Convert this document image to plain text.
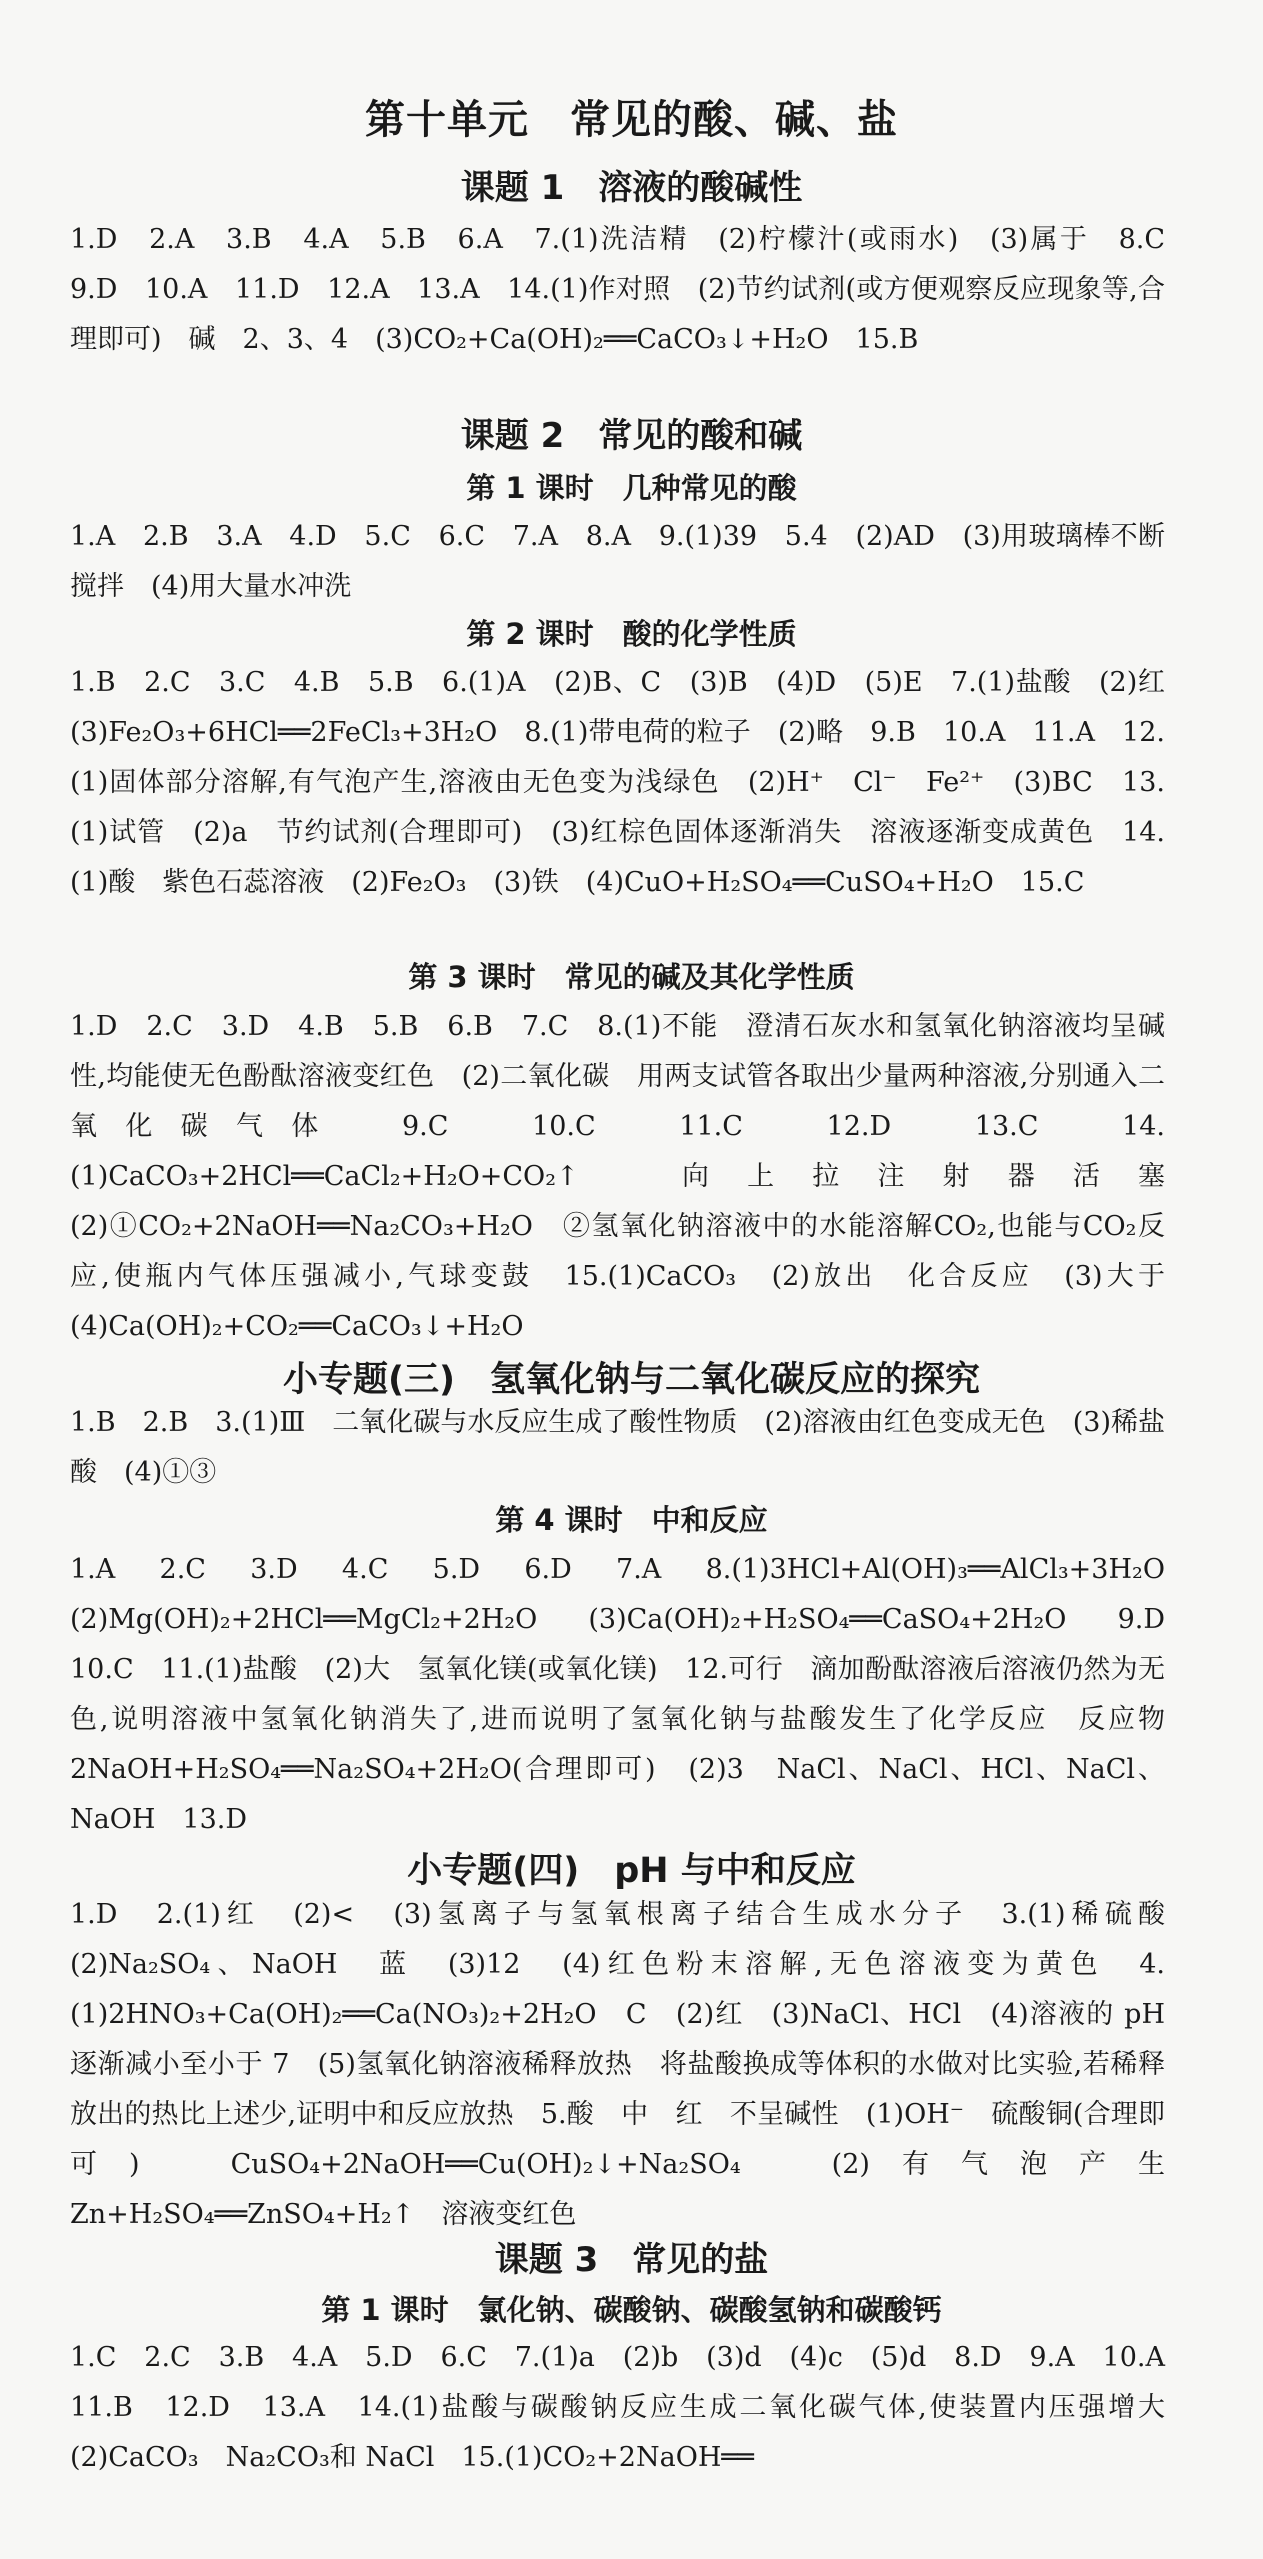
第十单元　常见的酸、碱、盐
课题 1　溶液的酸碱性
1.D　2.A　3.B　4.A　5.B　6.A　7.(1)洗洁精　(2)柠檬汁(或雨水)　(3)属于　8.C　9.D　10.A　11.D　12.A　13.A　14.(1)作对照　(2)节约试剂(或方便观察反应现象等,合理即可)　碱　2、3、4　(3)CO₂+Ca(OH)₂══CaCO₃↓+H₂O　15.B
课题 2　常见的酸和碱
第 1 课时　几种常见的酸
1.A　2.B　3.A　4.D　5.C　6.C　7.A　8.A　9.(1)39　5.4　(2)AD　(3)用玻璃棒不断搅拌　(4)用大量水冲洗
第 2 课时　酸的化学性质
1.B　2.C　3.C　4.B　5.B　6.(1)A　(2)B、C　(3)B　(4)D　(5)E　7.(1)盐酸　(2)红　(3)Fe₂O₃+6HCl══2FeCl₃+3H₂O　8.(1)带电荷的粒子　(2)略　9.B　10.A　11.A　12.(1)固体部分溶解,有气泡产生,溶液由无色变为浅绿色　(2)H⁺　Cl⁻　Fe²⁺　(3)BC　13.(1)试管　(2)a　节约试剂(合理即可)　(3)红棕色固体逐渐消失　溶液逐渐变成黄色　14.(1)酸　紫色石蕊溶液　(2)Fe₂O₃　(3)铁　(4)CuO+H₂SO₄══CuSO₄+H₂O　15.C
第 3 课时　常见的碱及其化学性质
1.D　2.C　3.D　4.B　5.B　6.B　7.C　8.(1)不能　澄清石灰水和氢氧化钠溶液均呈碱性,均能使无色酚酞溶液变红色　(2)二氧化碳　用两支试管各取出少量两种溶液,分别通入二氧化碳气体　9.C　10.C　11.C　12.D　13.C　14.(1)CaCO₃+2HCl══CaCl₂+H₂O+CO₂↑　向上拉注射器活塞　(2)①CO₂+2NaOH══Na₂CO₃+H₂O　②氢氧化钠溶液中的水能溶解CO₂,也能与CO₂反应,使瓶内气体压强减小,气球变鼓　15.(1)CaCO₃　(2)放出　化合反应　(3)大于　(4)Ca(OH)₂+CO₂══CaCO₃↓+H₂O
小专题(三)　氢氧化钠与二氧化碳反应的探究
1.B　2.B　3.(1)Ⅲ　二氧化碳与水反应生成了酸性物质　(2)溶液由红色变成无色　(3)稀盐酸　(4)①③
第 4 课时　中和反应
1.A　2.C　3.D　4.C　5.D　6.D　7.A　8.(1)3HCl+Al(OH)₃══AlCl₃+3H₂O　(2)Mg(OH)₂+2HCl══MgCl₂+2H₂O　(3)Ca(OH)₂+H₂SO₄══CaSO₄+2H₂O　9.D　10.C　11.(1)盐酸　(2)大　氢氧化镁(或氧化镁)　12.可行　滴加酚酞溶液后溶液仍然为无色,说明溶液中氢氧化钠消失了,进而说明了氢氧化钠与盐酸发生了化学反应　反应物　2NaOH+H₂SO₄══Na₂SO₄+2H₂O(合理即可)　(2)3　NaCl、NaCl、HCl、NaCl、NaOH　13.D
小专题(四)　pH 与中和反应
1.D　2.(1)红　(2)<　(3)氢离子与氢氧根离子结合生成水分子　3.(1)稀硫酸　(2)Na₂SO₄、NaOH　蓝　(3)12　(4)红色粉末溶解,无色溶液变为黄色　4.(1)2HNO₃+Ca(OH)₂══Ca(NO₃)₂+2H₂O　C　(2)红　(3)NaCl、HCl　(4)溶液的 pH 逐渐减小至小于 7　(5)氢氧化钠溶液稀释放热　将盐酸换成等体积的水做对比实验,若稀释放出的热比上述少,证明中和反应放热　5.酸　中　红　不呈碱性　(1)OH⁻　硫酸铜(合理即可)　CuSO₄+2NaOH══Cu(OH)₂↓+Na₂SO₄　(2)有气泡产生　Zn+H₂SO₄══ZnSO₄+H₂↑　溶液变红色
课题 3　常见的盐
第 1 课时　氯化钠、碳酸钠、碳酸氢钠和碳酸钙
1.C　2.C　3.B　4.A　5.D　6.C　7.(1)a　(2)b　(3)d　(4)c　(5)d　8.D　9.A　10.A　11.B　12.D　13.A　14.(1)盐酸与碳酸钠反应生成二氧化碳气体,使装置内压强增大　(2)CaCO₃　Na₂CO₃和 NaCl　15.(1)CO₂+2NaOH══
